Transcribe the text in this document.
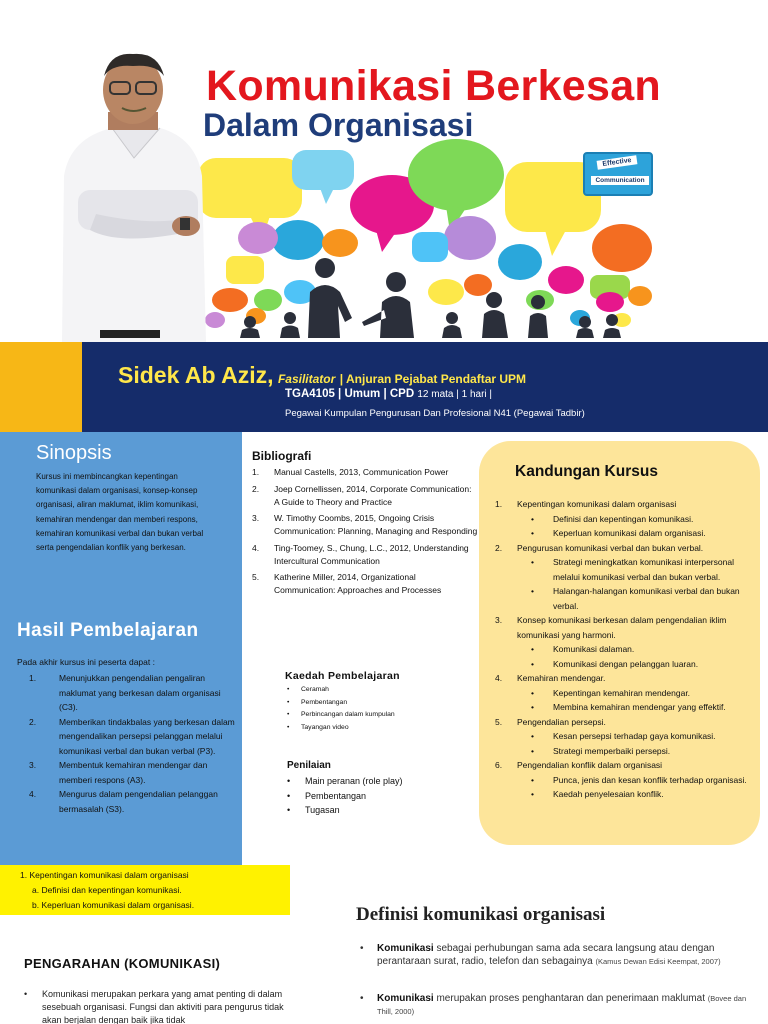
Effective
Communication
Komunikasi Berkesan
Dalam Organisasi
Sidek Ab Aziz, Fasilitator | Anjuran Pejabat Pendaftar UPM
TGA4105 | Umum | CPD 12 mata | 1 hari |
Pegawai Kumpulan Pengurusan Dan Profesional N41 (Pegawai Tadbir)
Sinopsis

Kursus ini membincangkan kepentingan komunikasi dalam organisasi, konsep-konsep organisasi, aliran maklumat, iklim komunikasi, kemahiran mendengar dan memberi respons, kemahiran komunikasi verbal dan bukan verbal serta pengendalian konflik yang berkesan.

Hasil Pembelajaran
Pada akhir kursus ini peserta dapat :
1.	Menunjukkan pengendalian pengaliran maklumat yang berkesan dalam organisasi (C3).
2.	Memberikan tindakbalas yang berkesan dalam mengendalikan persepsi pelanggan melalui komunikasi verbal dan bukan verbal (P3).
3.	Membentuk kemahiran mendengar dan memberi respons (A3).
4.	Mengurus dalam pengendalian pelanggan bermasalah (S3).
Bibliografi
1. Manual Castells, 2013, Communication Power
2. Joep Cornellissen, 2014, Corporate Communication: A Guide to Theory and Practice
3. W. Timothy Coombs, 2015, Ongoing Crisis Communication: Planning, Managing and Responding
4. Ting-Toomey, S., Chung, L.C., 2012, Understanding Intercultural Communication
5. Katherine Miller, 2014, Organizational Communication: Approaches and Processes
Kaedah Pembelajaran
• Ceramah
• Pembentangan
• Perbincangan dalam kumpulan
• Tayangan video
Penilaian
• Main peranan (role play)
• Pembentangan
• Tugasan
Kandungan Kursus
1. Kepentingan komunikasi dalam organisasi
• Definisi dan kepentingan komunikasi.
• Keperluan komunikasi dalam organisasi.
2. Pengurusan komunikasi verbal dan bukan verbal.
• Strategi meningkatkan komunikasi interpersonal melalui komunikasi verbal dan bukan verbal.
• Halangan-halangan komunikasi verbal dan bukan verbal.
3. Konsep komunikasi berkesan dalam pengendalian iklim komunikasi yang harmoni.
• Komunikasi dalaman.
• Komunikasi dengan pelanggan luaran.
4. Kemahiran mendengar.
• Kepentingan kemahiran mendengar.
• Membina kemahiran mendengar yang effektif.
5. Pengendalian persepsi.
• Kesan persepsi terhadap gaya komunikasi.
• Strategi memperbaiki persepsi.
6. Pengendalian konflik dalam organisasi
• Punca, jenis dan kesan konflik terhadap organisasi.
• Kaedah penyelesaian konflik.
1. Kepentingan komunikasi dalam organisasi
a. Definisi dan kepentingan komunikasi.
b. Keperluan komunikasi dalam organisasi.
PENGARAHAN (KOMUNIKASI)
•	Komunikasi merupakan perkara yang amat penting di dalam sesebuah organisasi. Fungsi dan aktiviti para pengurus tidak akan berjalan dengan baik jika tidak

Definisi komunikasi organisasi
• Komunikasi sebagai perhubungan sama ada secara langsung atau dengan perantaraan surat, radio, telefon dan sebagainya (Kamus Dewan Edisi Keempat, 2007)
• Komunikasi merupakan proses penghantaran dan penerimaan maklumat (Bovee dan Thill, 2000)
